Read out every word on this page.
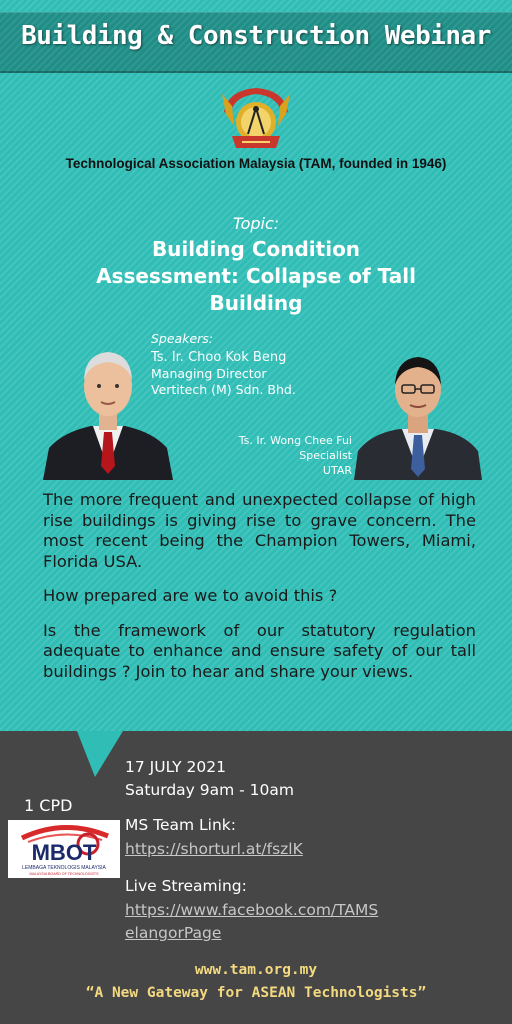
Building & Construction Webinar
Technological Association Malaysia (TAM, founded in 1946)
Topic:
Building Condition Assessment: Collapse of Tall Building
Speakers:
Ts. Ir. Choo Kok Beng
Managing Director
Vertitech (M) Sdn. Bhd.
Ts. Ir. Wong Chee Fui
Specialist
UTAR

The more frequent and unexpected collapse of high rise buildings is giving rise to grave concern. The most recent being the Champion Towers, Miami, Florida USA.

How prepared are we to avoid this ?

Is the framework of our statutory regulation adequate to enhance and ensure safety of our tall buildings ? Join to hear and share your views.

17 JULY 2021
Saturday 9am - 10am
1 CPD
MBOT
LEMBAGA TEKNOLOGIS MALAYSIA
MALAYSIA BOARD OF TECHNOLOGISTS
MS Team Link:
https://shorturl.at/fszlK
Live Streaming:
https://www.facebook.com/TAMS
elangorPage
www.tam.org.my
“A New Gateway for ASEAN Technologists”
